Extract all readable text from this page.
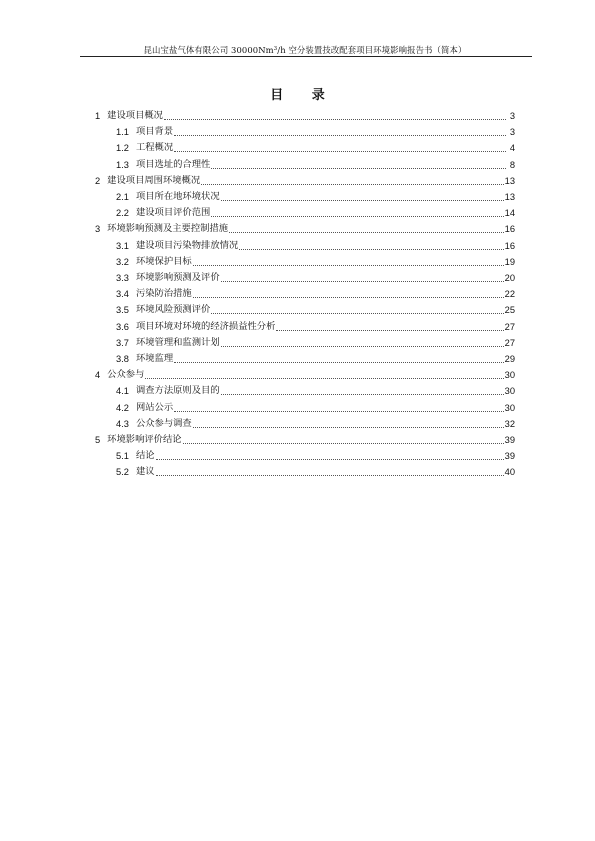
昆山宝盐气体有限公司 30000Nm$^3$/h 空分装置技改配套项目环境影响报告书（简本）
目 录
1 建设项目概况	3
1.1 项目背景	3
1.2 工程概况	4
1.3 项目选址的合理性	8
2 建设项目周围环境概况	13
2.1 项目所在地环境状况	13
2.2 建设项目评价范围	14
3 环境影响预测及主要控制措施	16
3.1 建设项目污染物排放情况	16
3.2 环境保护目标	19
3.3 环境影响预测及评价	20
3.4 污染防治措施	22
3.5 环境风险预测评价	25
3.6 项目环境对环境的经济损益性分析	27
3.7 环境管理和监测计划	27
3.8 环境监理	29
4 公众参与	30
4.1 调查方法原则及目的	30
4.2 网站公示	30
4.3 公众参与调查	32
5 环境影响评价结论	39
5.1 结论	39
5.2 建议	40
